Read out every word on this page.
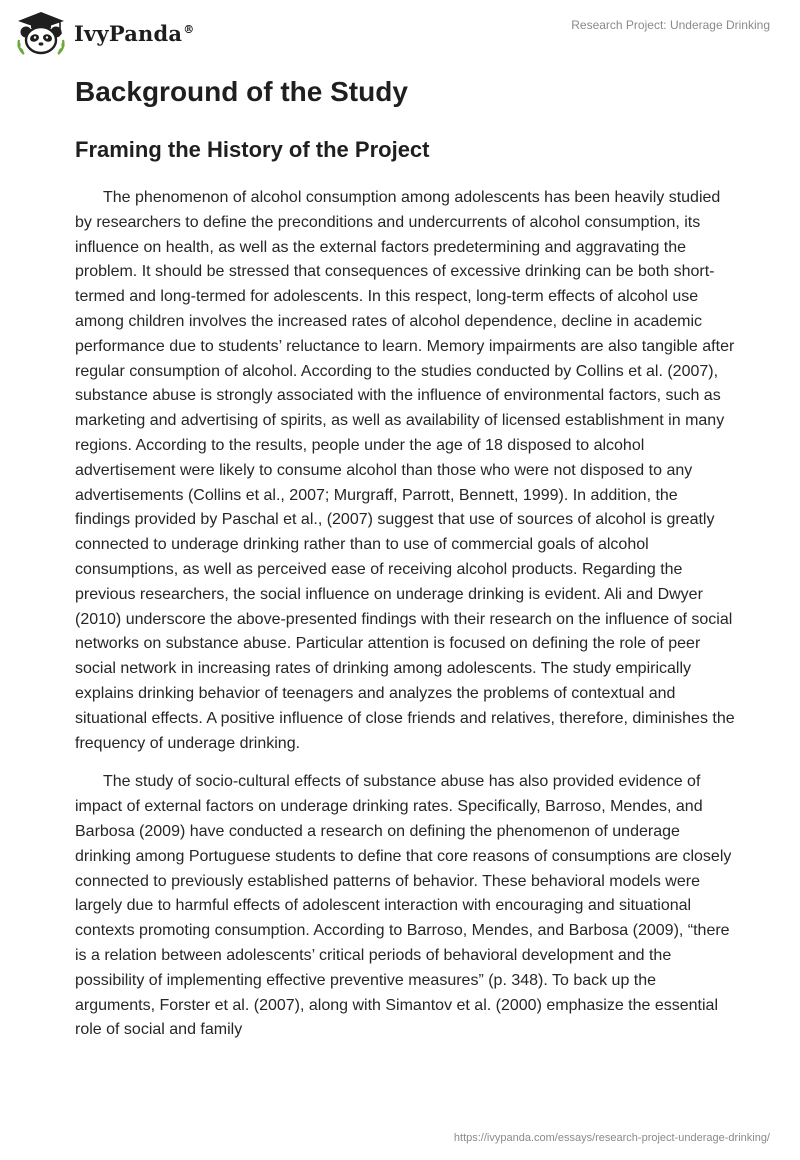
IvyPanda®	Research Project: Underage Drinking
Background of the Study
Framing the History of the Project

The phenomenon of alcohol consumption among adolescents has been heavily studied by researchers to define the preconditions and undercurrents of alcohol consumption, its influence on health, as well as the external factors predetermining and aggravating the problem. It should be stressed that consequences of excessive drinking can be both short-termed and long-termed for adolescents. In this respect, long-term effects of alcohol use among children involves the increased rates of alcohol dependence, decline in academic performance due to students’ reluctance to learn. Memory impairments are also tangible after regular consumption of alcohol. According to the studies conducted by Collins et al. (2007), substance abuse is strongly associated with the influence of environmental factors, such as marketing and advertising of spirits, as well as availability of licensed establishment in many regions. According to the results, people under the age of 18 disposed to alcohol advertisement were likely to consume alcohol than those who were not disposed to any advertisements (Collins et al., 2007; Murgraff, Parrott, Bennett, 1999). In addition, the findings provided by Paschal et al., (2007) suggest that use of sources of alcohol is greatly connected to underage drinking rather than to use of commercial goals of alcohol consumptions, as well as perceived ease of receiving alcohol products. Regarding the previous researchers, the social influence on underage drinking is evident. Ali and Dwyer (2010) underscore the above-presented findings with their research on the influence of social networks on substance abuse. Particular attention is focused on defining the role of peer social network in increasing rates of drinking among adolescents. The study empirically explains drinking behavior of teenagers and analyzes the problems of contextual and situational effects. A positive influence of close friends and relatives, therefore, diminishes the frequency of underage drinking.

The study of socio-cultural effects of substance abuse has also provided evidence of impact of external factors on underage drinking rates. Specifically, Barroso, Mendes, and Barbosa (2009) have conducted a research on defining the phenomenon of underage drinking among Portuguese students to define that core reasons of consumptions are closely connected to previously established patterns of behavior. These behavioral models were largely due to harmful effects of adolescent interaction with encouraging and situational contexts promoting consumption. According to Barroso, Mendes, and Barbosa (2009), “there is a relation between adolescents’ critical periods of behavioral development and the possibility of implementing effective preventive measures” (p. 348). To back up the arguments, Forster et al. (2007), along with Simantov et al. (2000) emphasize the essential role of social and family

https://ivypanda.com/essays/research-project-underage-drinking/
